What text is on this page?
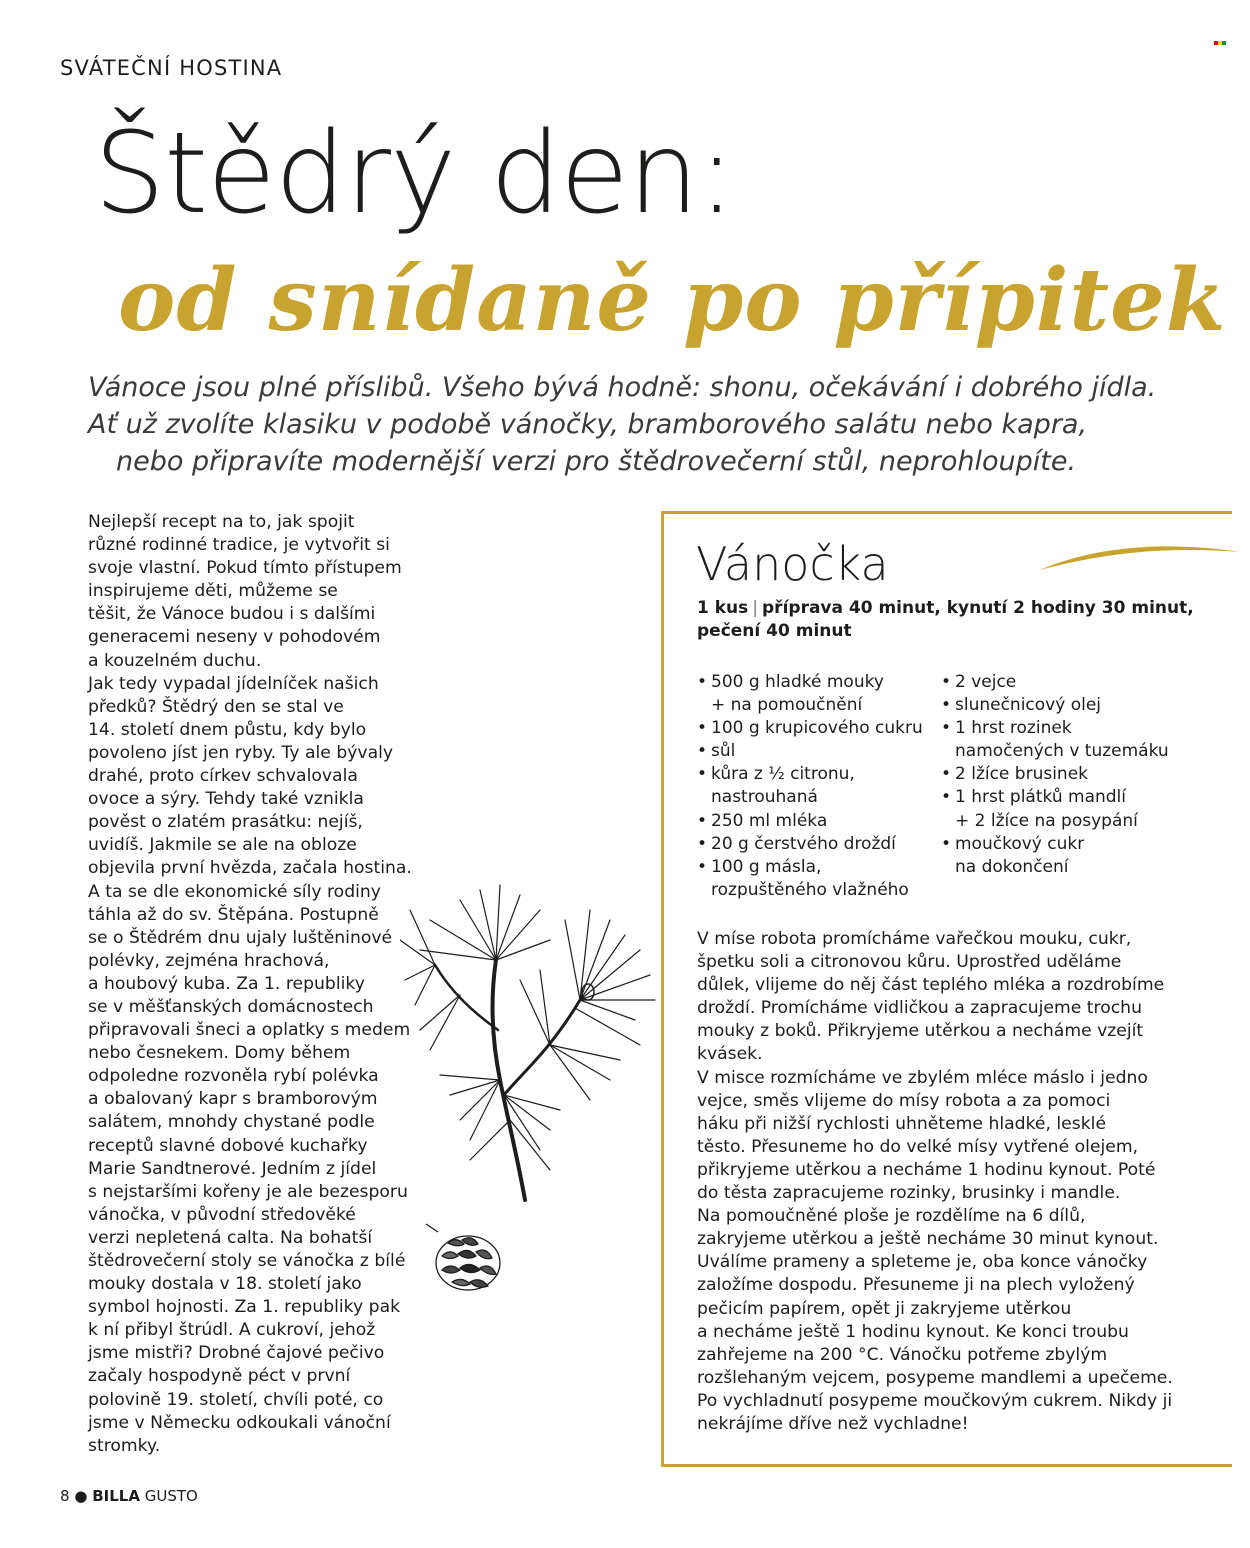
SVÁTEČNÍ HOSTINA
Štědrý den:
od snídaně po přípitek
Vánoce jsou plné příslibů. Všeho bývá hodně: shonu, očekávání i dobrého jídla.
Ať už zvolíte klasiku v podobě vánočky, bramborového salátu nebo kapra,
nebo připravíte modernější verzi pro štědrovečerní stůl, neprohloupíte.
Nejlepší recept na to, jak spojit
různé rodinné tradice, je vytvořit si
svoje vlastní. Pokud tímto přístupem
inspirujeme děti, můžeme se
těšit, že Vánoce budou i s dalšími
generacemi neseny v pohodovém
a kouzelném duchu.
Jak tedy vypadal jídelníček našich
předků? Štědrý den se stal ve
14. století dnem půstu, kdy bylo
povoleno jíst jen ryby. Ty ale bývaly
drahé, proto církev schvalovala
ovoce a sýry. Tehdy také vznikla
pověst o zlatém prasátku: nejíš,
uvidíš. Jakmile se ale na obloze
objevila první hvězda, začala hostina.
A ta se dle ekonomické síly rodiny
táhla až do sv. Štěpána. Postupně
se o Štědrém dnu ujaly luštěninové
polévky, zejména hrachová,
a houbový kuba. Za 1. republiky
se v měšťanských domácnostech
připravovali šneci a oplatky s medem
nebo česnekem. Domy během
odpoledne rozvoněla rybí polévka
a obalovaný kapr s bramborovým
salátem, mnohdy chystané podle
receptů slavné dobové kuchařky
Marie Sandtnerové. Jedním z jídel
s nejstaršími kořeny je ale bezesporu
vánočka, v původní středověké
verzi nepletená calta. Na bohatší
štědrovečerní stoly se vánočka z bílé
mouky dostala v 18. století jako
symbol hojnosti. Za 1. republiky pak
k ní přibyl štrúdl. A cukroví, jehož
jsme mistři? Drobné čajové pečivo
začaly hospodyně péct v první
polovině 19. století, chvíli poté, co
jsme v Německu odkoukali vánoční
stromky.
Vánočka
1 kus | příprava 40 minut, kynutí 2 hodiny 30 minut,
pečení 40 minut
• 500 g hladké mouky
+ na pomoučnění
• 100 g krupicového cukru
• sůl
• kůra z ½ citronu,
nastrouhaná
• 250 ml mléka
• 20 g čerstvého droždí
• 100 g másla,
rozpuštěného vlažného
• 2 vejce
• slunečnicový olej
• 1 hrst rozinek
namočených v tuzemáku
• 2 lžíce brusinek
• 1 hrst plátků mandlí
+ 2 lžíce na posypání
• moučkový cukr
na dokončení
V míse robota promícháme vařečkou mouku, cukr,
špetku soli a citronovou kůru. Uprostřed uděláme
důlek, vlijeme do něj část teplého mléka a rozdrobíme
droždí. Promícháme vidličkou a zapracujeme trochu
mouky z boků. Přikryjeme utěrkou a necháme vzejít
kvásek.
V misce rozmícháme ve zbylém mléce máslo i jedno
vejce, směs vlijeme do mísy robota a za pomoci
háku při nižší rychlosti uhněteme hladké, lesklé
těsto. Přesuneme ho do velké mísy vytřené olejem,
přikryjeme utěrkou a necháme 1 hodinu kynout. Poté
do těsta zapracujeme rozinky, brusinky i mandle.
Na pomoučněné ploše je rozdělíme na 6 dílů,
zakryjeme utěrkou a ještě necháme 30 minut kynout.
Uválíme prameny a spleteme je, oba konce vánočky
založíme dospodu. Přesuneme ji na plech vyložený
pečicím papírem, opět ji zakryjeme utěrkou
a necháme ještě 1 hodinu kynout. Ke konci troubu
zahřejeme na 200 °C. Vánočku potřeme zbylým
rozšlehaným vejcem, posypeme mandlemi a upečeme.
Po vychladnutí posypeme moučkovým cukrem. Nikdy ji
nekrájíme dříve než vychladne!
8 ● BILLA GUSTO
